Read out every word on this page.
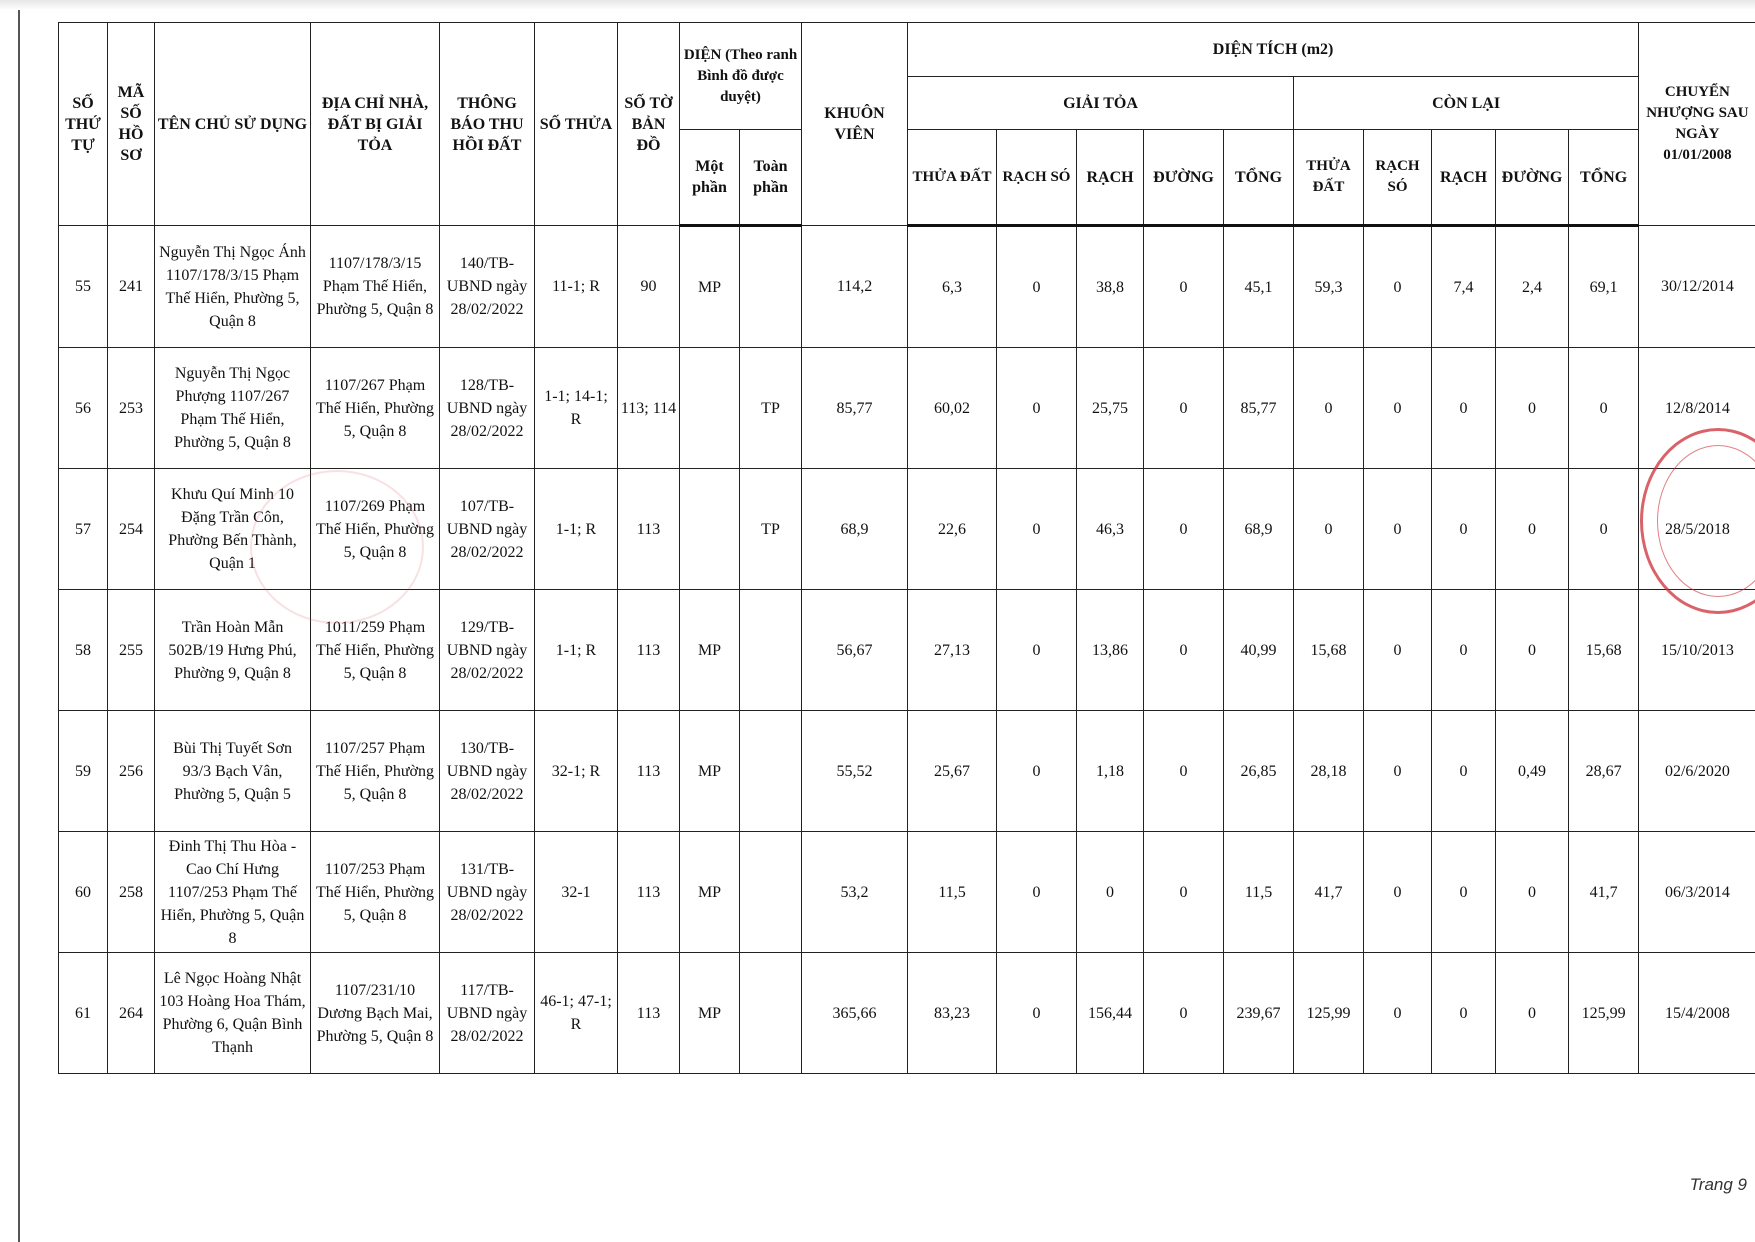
SỐ THỨ TỰ	MÃ SỐ HỒ SƠ	TÊN CHỦ SỬ DỤNG	ĐỊA CHỈ NHÀ, ĐẤT BỊ GIẢI TỎA	THÔNG BÁO THU HỒI ĐẤT	SỐ THỬA	SỐ TỜ BẢN ĐỒ	DIỆN (Theo ranh Bình đồ được duyệt)		KHUÔN VIÊN	DIỆN TÍCH (m2)										CHUYỂN NHƯỢNG SAU NGÀY 01/01/2008
										GIẢI TỎA					CÒN LẠI					
							Một phần	Toàn phần		THỬA ĐẤT	RẠCH SÓ	RẠCH	ĐƯỜNG	TỔNG	THỬA ĐẤT	RẠCH SÓ	RẠCH	ĐƯỜNG	TỔNG	
55	241	Nguyễn Thị Ngọc Ánh 1107/178/3/15 Phạm Thế Hiển, Phường 5, Quận 8	1107/178/3/15 Phạm Thế Hiển, Phường 5, Quận 8	140/TB-UBND ngày 28/02/2022	11-1; R	90	MP		114,2	6,3	0	38,8	0	45,1	59,3	0	7,4	2,4	69,1	30/12/2014
56	253	Nguyễn Thị Ngọc Phượng 1107/267 Phạm Thế Hiển, Phường 5, Quận 8	1107/267 Phạm Thế Hiển, Phường 5, Quận 8	128/TB-UBND ngày 28/02/2022	1-1; 14-1; R	113; 114		TP	85,77	60,02	0	25,75	0	85,77	0	0	0	0	0	12/8/2014
57	254	Khưu Quí Minh 10 Đặng Trần Côn, Phường Bến Thành, Quận 1	1107/269 Phạm Thế Hiển, Phường 5, Quận 8	107/TB-UBND ngày 28/02/2022	1-1; R	113		TP	68,9	22,6	0	46,3	0	68,9	0	0	0	0	0	28/5/2018
58	255	Trần Hoàn Mẫn 502B/19 Hưng Phú, Phường 9, Quận 8	1011/259 Phạm Thế Hiển, Phường 5, Quận 8	129/TB-UBND ngày 28/02/2022	1-1; R	113	MP		56,67	27,13	0	13,86	0	40,99	15,68	0	0	0	15,68	15/10/2013
59	256	Bùi Thị Tuyết Sơn 93/3 Bạch Vân, Phường 5, Quận 5	1107/257 Phạm Thế Hiển, Phường 5, Quận 8	130/TB-UBND ngày 28/02/2022	32-1; R	113	MP		55,52	25,67	0	1,18	0	26,85	28,18	0	0	0,49	28,67	02/6/2020
60	258	Đinh Thị Thu Hòa - Cao Chí Hưng 1107/253 Phạm Thế Hiển, Phường 5, Quận 8	1107/253 Phạm Thế Hiển, Phường 5, Quận 8	131/TB-UBND ngày 28/02/2022	32-1	113	MP		53,2	11,5	0	0	0	11,5	41,7	0	0	0	41,7	06/3/2014
61	264	Lê Ngọc Hoàng Nhật 103 Hoàng Hoa Thám, Phường 6, Quận Bình Thạnh	1107/231/10 Dương Bạch Mai, Phường 5, Quận 8	117/TB-UBND ngày 28/02/2022	46-1; 47-1; R	113	MP		365,66	83,23	0	156,44	0	239,67	125,99	0	0	0	125,99	15/4/2008
Trang 9
